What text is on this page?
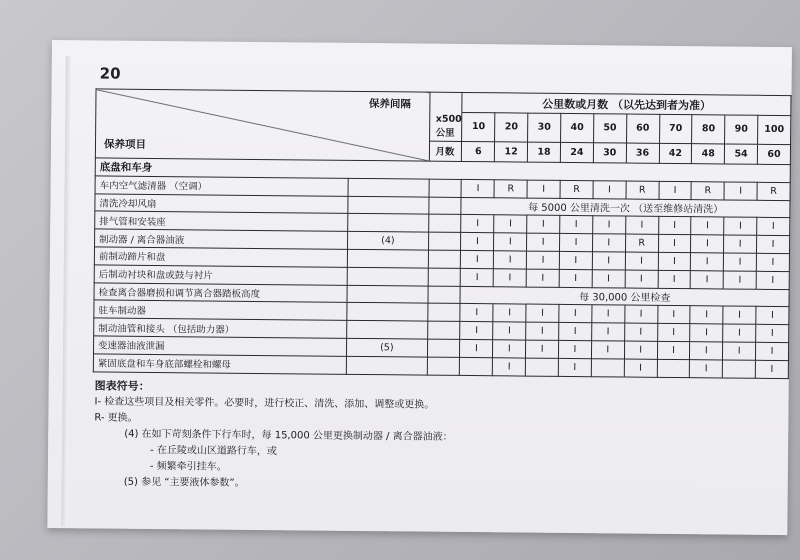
20
保养间隔
保养项目			公里数或月数 （以先达到者为准）									
		x500 公里	10	20	30	40	50	60	70	80	90	100
		月数	6	12	18	24	30	36	42	48	54	60
底盘和车身												
车内空气滤清器 （空调）			I	R	I	R	I	R	I	R	I	R
清洗冷却风扇			每 5000 公里清洗一次 （送至维修站清洗）									
排气管和安装座			I	I	I	I	I	I	I	I	I	I
制动器 / 离合器油液	(4)		I	I	I	I	I	R	I	I	I	I
前制动蹄片和盘			I	I	I	I	I	I	I	I	I	I
后制动衬块和盘或鼓与衬片			I	I	I	I	I	I	I	I	I	I
检查离合器磨损和调节离合器踏板高度			每 30,000 公里检查									
驻车制动器			I	I	I	I	I	I	I	I	I	I
制动油管和接头 （包括助力器）			I	I	I	I	I	I	I	I	I	I
变速器油液泄漏	(5)		I	I	I	I	I	I	I	I	I	I
紧固底盘和车身底部螺栓和螺母				I		I		I		I		I
图表符号：
I- 检查这些项目及相关零件。必要时，进行校正、清洗、添加、调整或更换。
R- 更换。
(4) 在如下苛刻条件下行车时，每 15,000 公里更换制动器 / 离合器油液：
- 在丘陵或山区道路行车，或
- 频繁牵引挂车。
(5) 参见 “主要液体参数”。
